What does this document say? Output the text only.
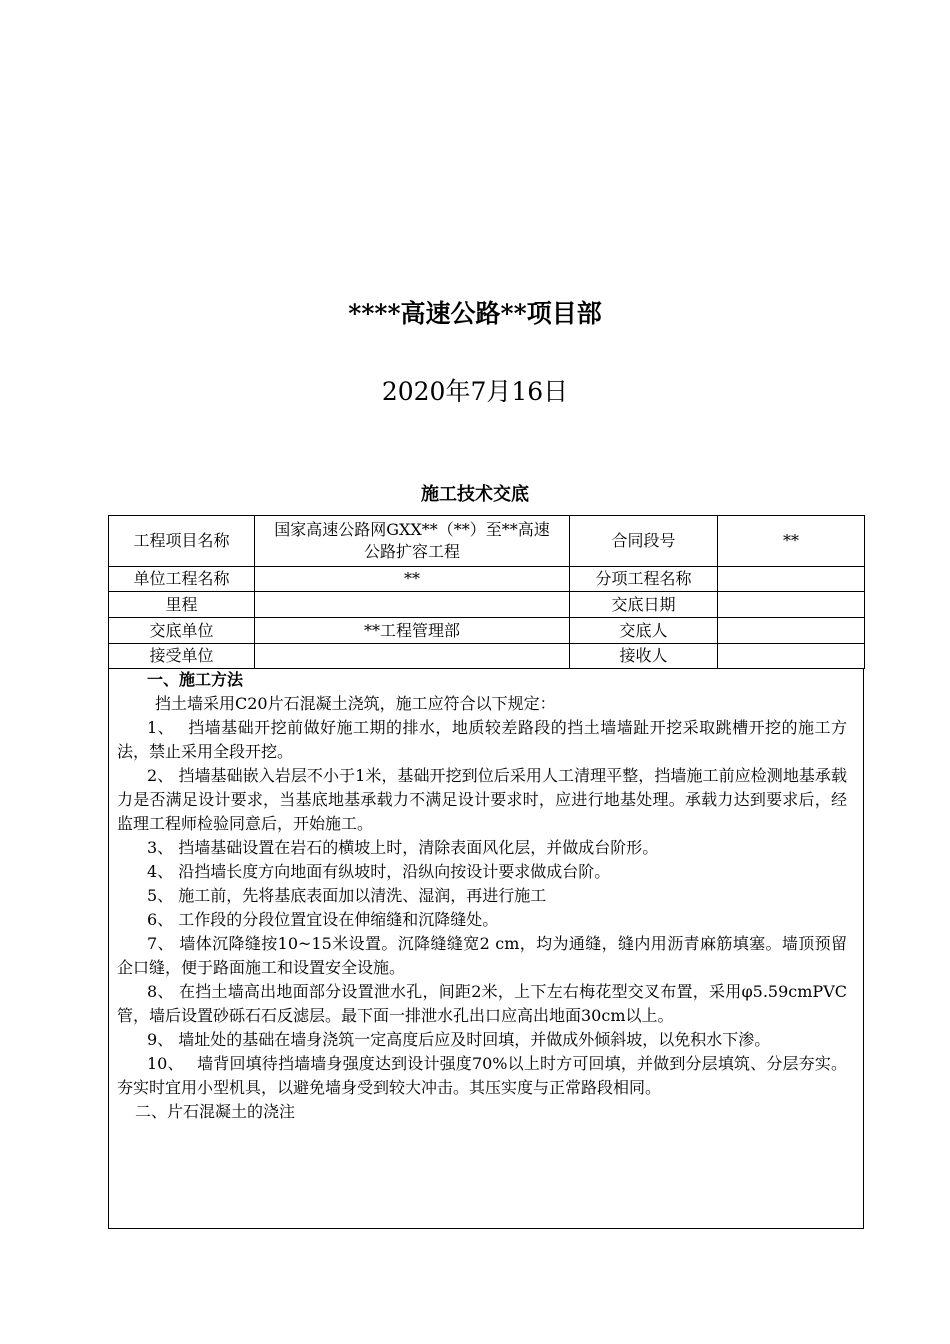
****高速公路**项目部
2020年7月16日
施工技术交底
工程项目名称	国家高速公路网GXX**（**）至**高速公路扩容工程	合同段号	**
单位工程名称	**	分项工程名称	
里程		交底日期	
交底单位	**工程管理部	交底人	
接受单位		接收人	

一、施工方法

挡土墙采用C20片石混凝土浇筑，施工应符合以下规定：

1、　 挡墙基础开挖前做好施工期的排水，地质较差路段的挡土墙墙趾开挖采取跳槽开挖的施工方法，禁止采用全段开挖。

2、 挡墙基础嵌入岩层不小于1米，基础开挖到位后采用人工清理平整，挡墙施工前应检测地基承载力是否满足设计要求，当基底地基承载力不满足设计要求时，应进行地基处理。承载力达到要求后，经监理工程师检验同意后，开始施工。

3、 挡墙基础设置在岩石的横坡上时，清除表面风化层，并做成台阶形。

4、 沿挡墙长度方向地面有纵坡时，沿纵向按设计要求做成台阶。

5、 施工前，先将基底表面加以清洗、湿润，再进行施工

6、 工作段的分段位置宜设在伸缩缝和沉降缝处。

7、 墙体沉降缝按10~15米设置。沉降缝缝宽2 cm，均为通缝，缝内用沥青麻筋填塞。墙顶预留企口缝，便于路面施工和设置安全设施。

8、 在挡土墙高出地面部分设置泄水孔，间距2米，上下左右梅花型交叉布置，采用φ5.59cmPVC管，墙后设置砂砾石石反滤层。最下面一排泄水孔出口应高出地面30cm以上。

9、 墙址处的基础在墙身浇筑一定高度后应及时回填，并做成外倾斜坡，以免积水下渗。

10、　 墙背回填待挡墙墙身强度达到设计强度70%以上时方可回填，并做到分层填筑、分层夯实。夯实时宜用小型机具，以避免墙身受到较大冲击。其压实度与正常路段相同。

二、片石混凝土的浇注
